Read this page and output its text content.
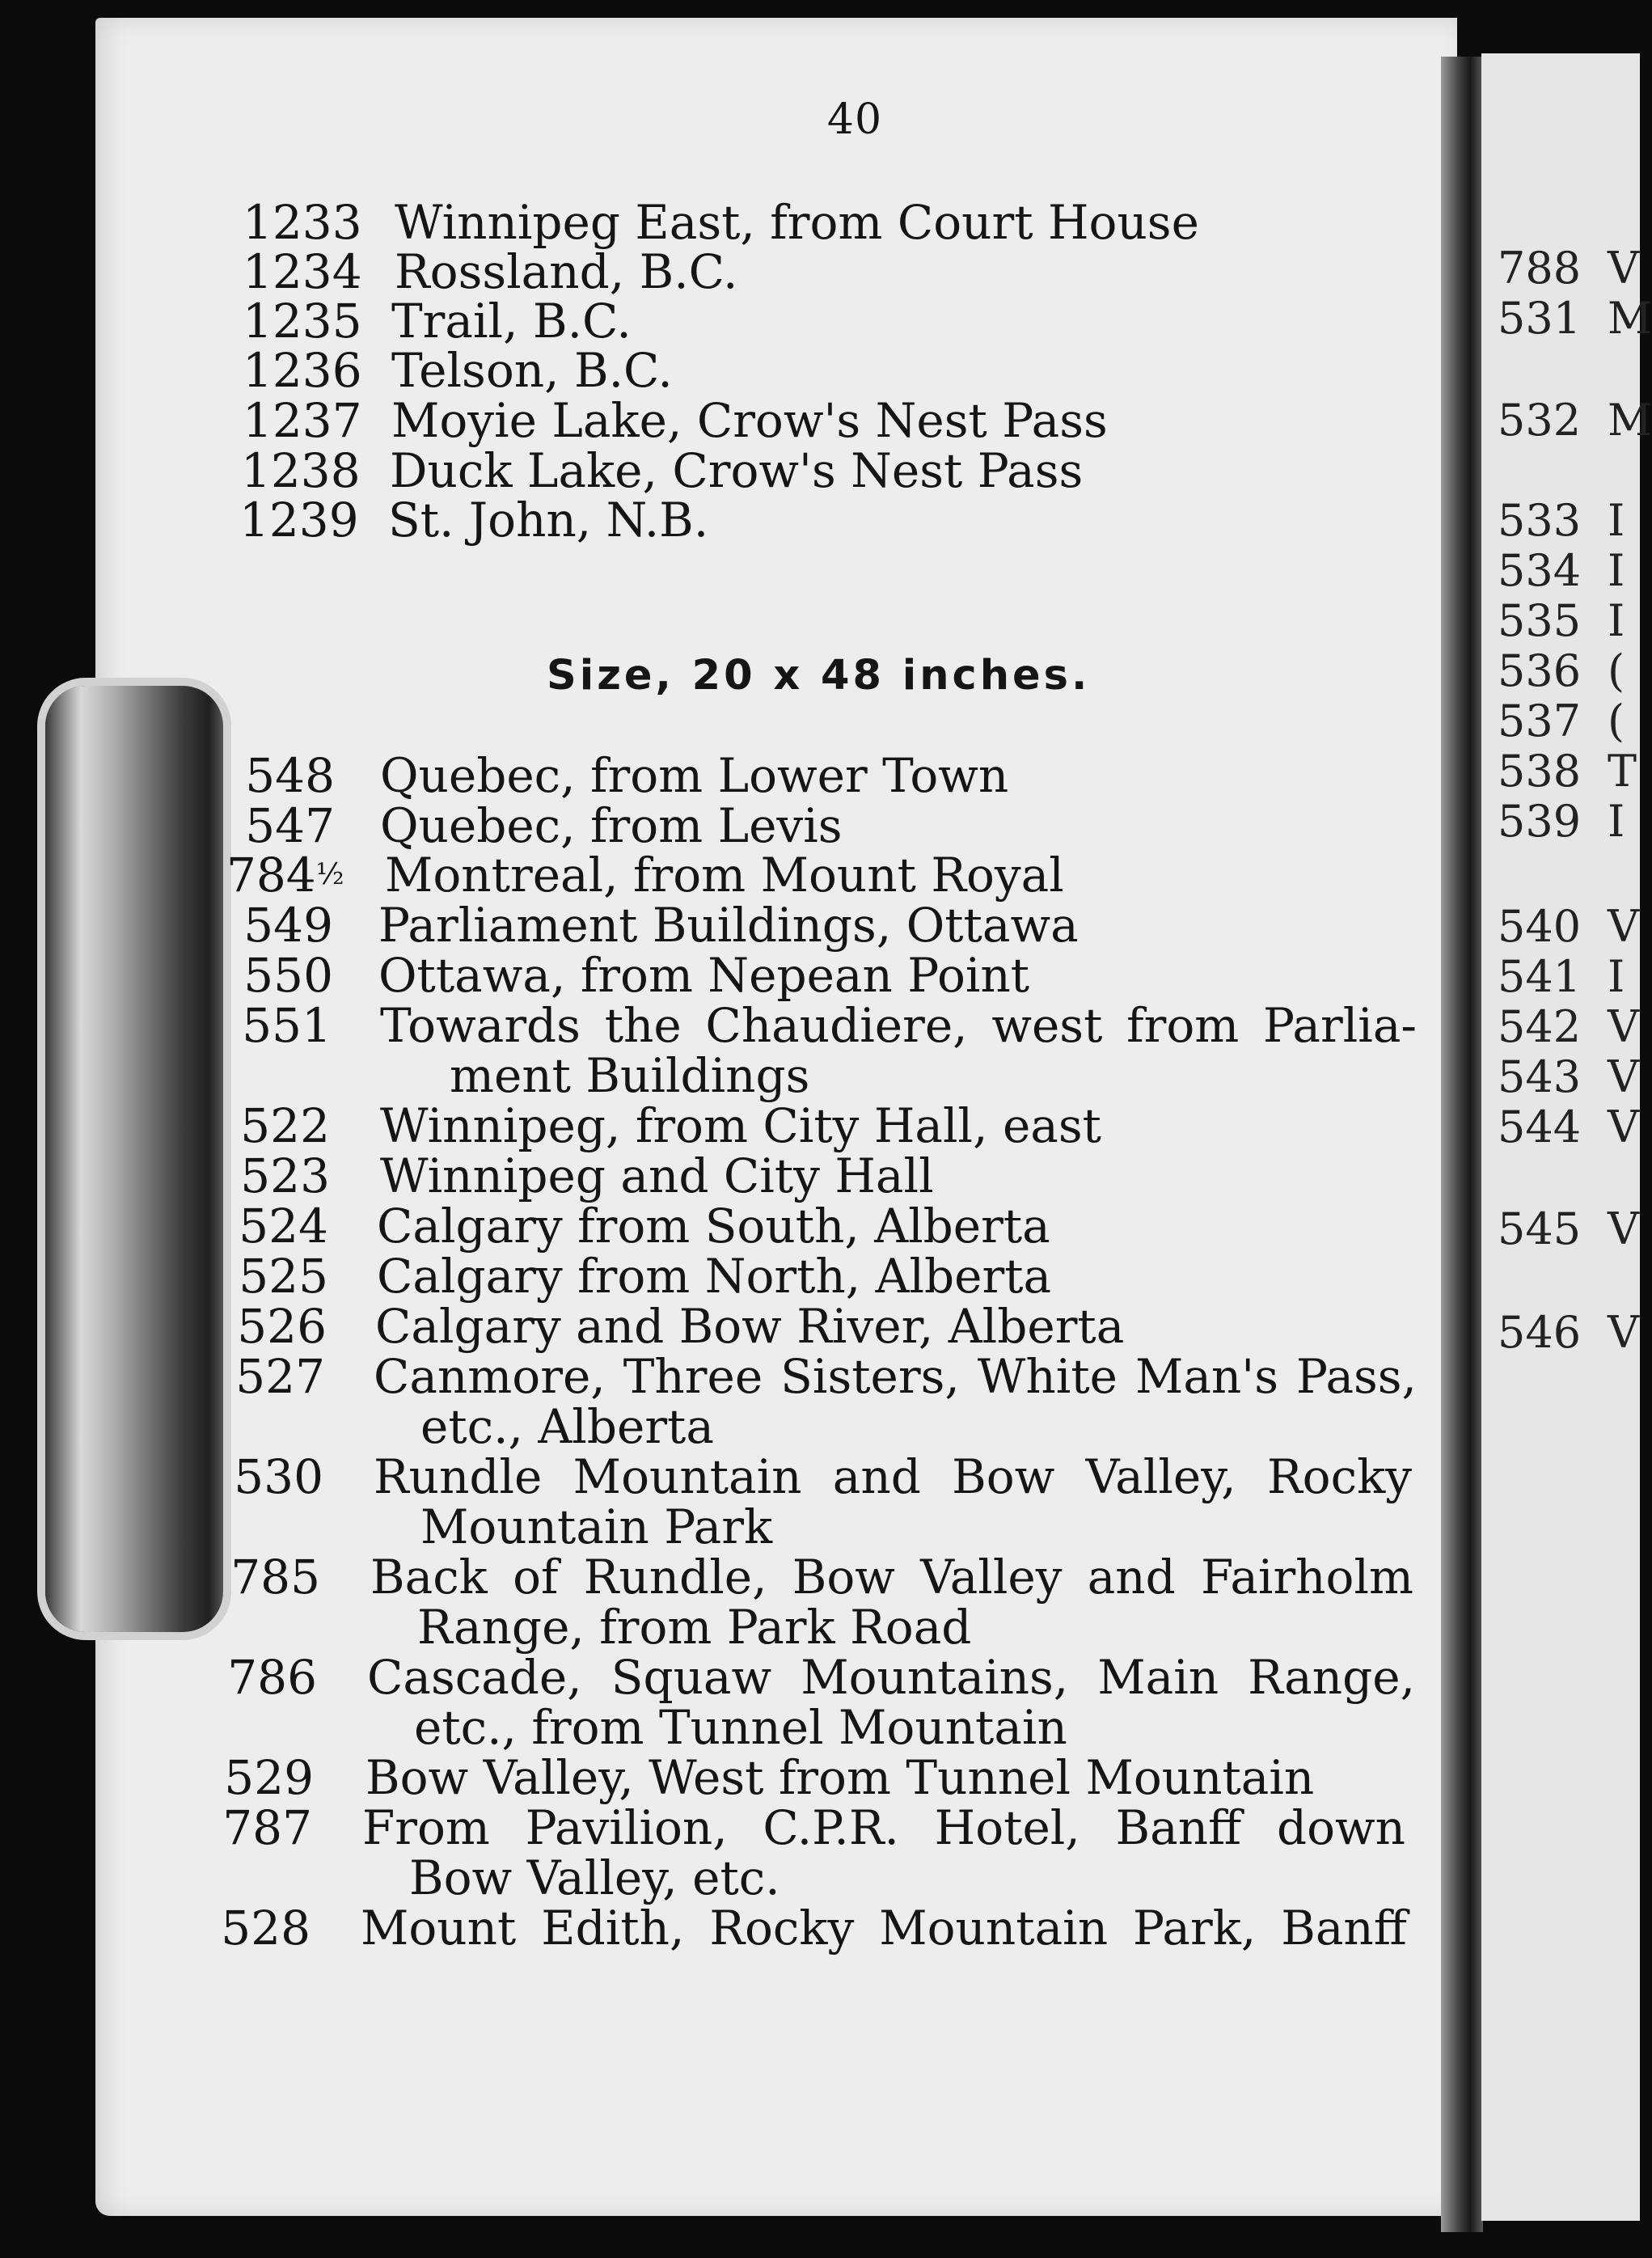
40
1233 Winnipeg East, from Court House
1234 Rossland, B.C.
1235 Trail, B.C.
1236 Telson, B.C.
1237 Moyie Lake, Crow's Nest Pass
1238 Duck Lake, Crow's Nest Pass
1239 St. John, N.B.
Size, 20 x 48 inches.
548 Quebec, from Lower Town
547 Quebec, from Levis
$784^{\frac{1}{2}}$ Montreal, from Mount Royal
549 Parliament Buildings, Ottawa
550 Ottawa, from Nepean Point
551 Towards the Chaudiere, west from Parlia-
ment Buildings
522 Winnipeg, from City Hall, east
523 Winnipeg and City Hall
524 Calgary from South, Alberta
525 Calgary from North, Alberta
526 Calgary and Bow River, Alberta
527 Canmore, Three Sisters, White Man's Pass,
etc., Alberta
530 Rundle Mountain and Bow Valley, Rocky
Mountain Park
785 Back of Rundle, Bow Valley and Fairholm
Range, from Park Road
786 Cascade, Squaw Mountains, Main Range,
etc., from Tunnel Mountain
529 Bow Valley, West from Tunnel Mountain
787 From Pavilion, C.P.R. Hotel, Banff down
Bow Valley, etc.
528 Mount Edith, Rocky Mountain Park, Banff
788 V
531 M
532 M
533 I
534 I
535 I
536 (
537 (
538 T
539 I
540 V
541 I
542 V
543 V
544 V
545 V
546 V
